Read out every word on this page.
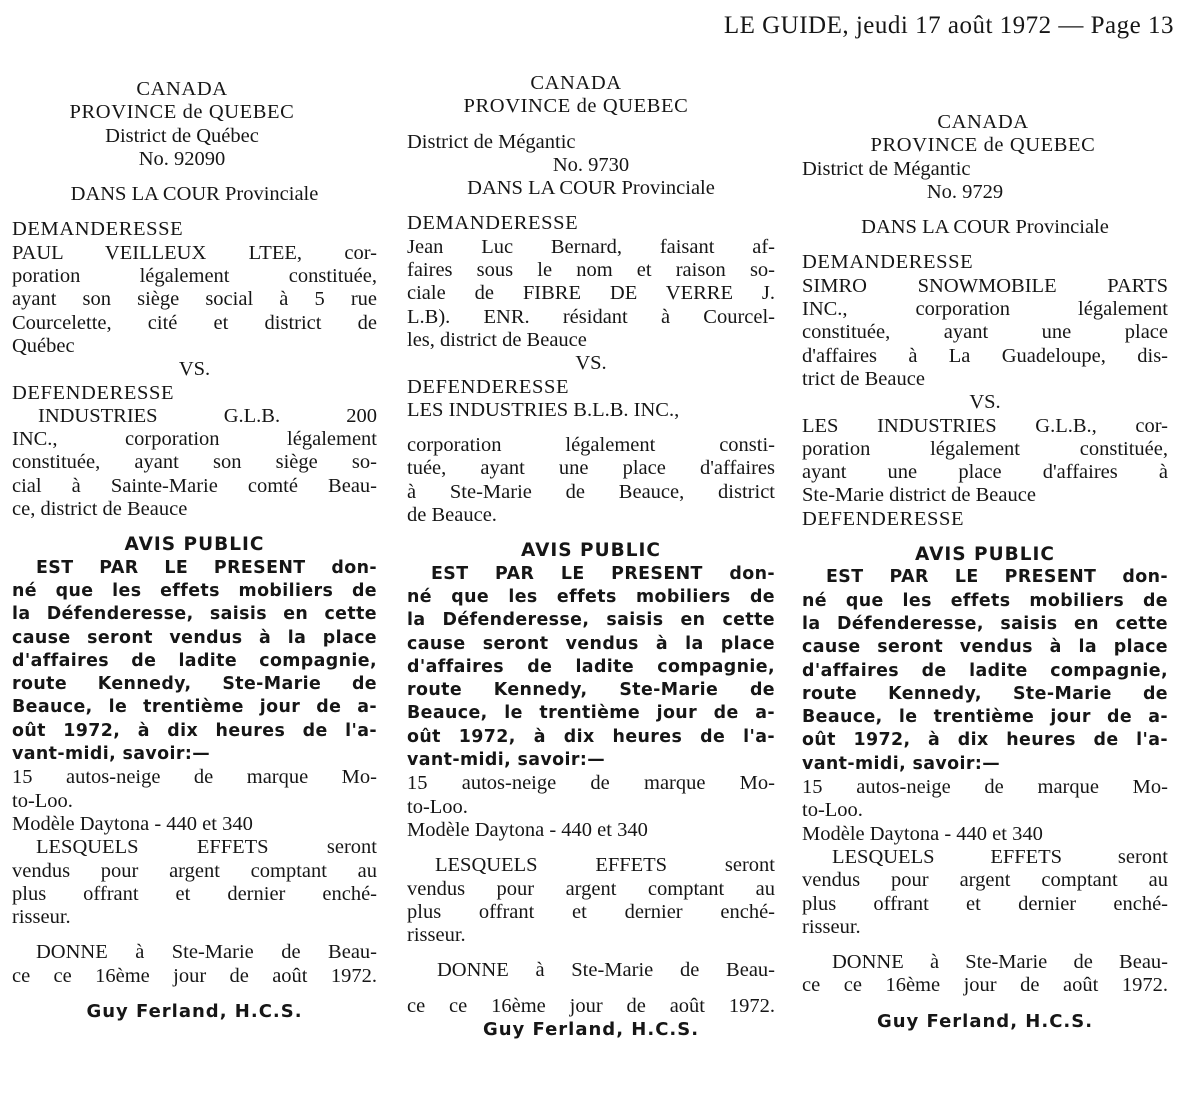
LE GUIDE, jeudi 17 août 1972 — Page 13
CANADA
PROVINCE de QUEBEC
District de Québec
No. 92090
DANS LA COUR Provinciale
DEMANDERESSE
PAUL VEILLEUX LTEE, cor-
poration légalement constituée,
ayant son siège social à 5 rue
Courcelette, cité et district de
Québec
VS.
DEFENDERESSE
INDUSTRIES G.L.B. 200
INC., corporation légalement
constituée, ayant son siège so-
cial à Sainte-Marie comté Beau-
ce, district de Beauce
AVIS PUBLIC
EST PAR LE PRESENT don-
né que les effets mobiliers de
la Défenderesse, saisis en cette
cause seront vendus à la place
d'affaires de ladite compagnie,
route Kennedy, Ste-Marie de
Beauce, le trentième jour de a-
oût 1972, à dix heures de l'a-
vant-midi, savoir:—
15 autos-neige de marque Mo-
to-Loo.
Modèle Daytona - 440 et 340
LESQUELS EFFETS seront
vendus pour argent comptant au
plus offrant et dernier enché-
risseur.
DONNE à Ste-Marie de Beau-
ce ce 16ème jour de août 1972.
Guy Ferland, H.C.S.
CANADA
PROVINCE de QUEBEC
District de Mégantic
No. 9730
DANS LA COUR Provinciale
DEMANDERESSE
Jean Luc Bernard, faisant af-
faires sous le nom et raison so-
ciale de FIBRE DE VERRE J.
L.B). ENR. résidant à Courcel-
les, district de Beauce
VS.
DEFENDERESSE
LES INDUSTRIES B.L.B. INC.,
corporation légalement consti-
tuée, ayant une place d'affaires
à Ste-Marie de Beauce, district
de Beauce.
AVIS PUBLIC
EST PAR LE PRESENT don-
né que les effets mobiliers de
la Défenderesse, saisis en cette
cause seront vendus à la place
d'affaires de ladite compagnie,
route Kennedy, Ste-Marie de
Beauce, le trentième jour de a-
oût 1972, à dix heures de l'a-
vant-midi, savoir:—
15 autos-neige de marque Mo-
to-Loo.
Modèle Daytona - 440 et 340
LESQUELS EFFETS seront
vendus pour argent comptant au
plus offrant et dernier enché-
risseur.
DONNE à Ste-Marie de Beau-
ce ce 16ème jour de août 1972.
Guy Ferland, H.C.S.
CANADA
PROVINCE de QUEBEC
District de Mégantic
No. 9729
DANS LA COUR Provinciale
DEMANDERESSE
SIMRO SNOWMOBILE PARTS
INC., corporation légalement
constituée, ayant une place
d'affaires à La Guadeloupe, dis-
trict de Beauce
VS.
LES INDUSTRIES G.L.B., cor-
poration légalement constituée,
ayant une place d'affaires à
Ste-Marie district de Beauce
DEFENDERESSE
AVIS PUBLIC
EST PAR LE PRESENT don-
né que les effets mobiliers de
la Défenderesse, saisis en cette
cause seront vendus à la place
d'affaires de ladite compagnie,
route Kennedy, Ste-Marie de
Beauce, le trentième jour de a-
oût 1972, à dix heures de l'a-
vant-midi, savoir:—
15 autos-neige de marque Mo-
to-Loo.
Modèle Daytona - 440 et 340
LESQUELS EFFETS seront
vendus pour argent comptant au
plus offrant et dernier enché-
risseur.
DONNE à Ste-Marie de Beau-
ce ce 16ème jour de août 1972.
Guy Ferland, H.C.S.
